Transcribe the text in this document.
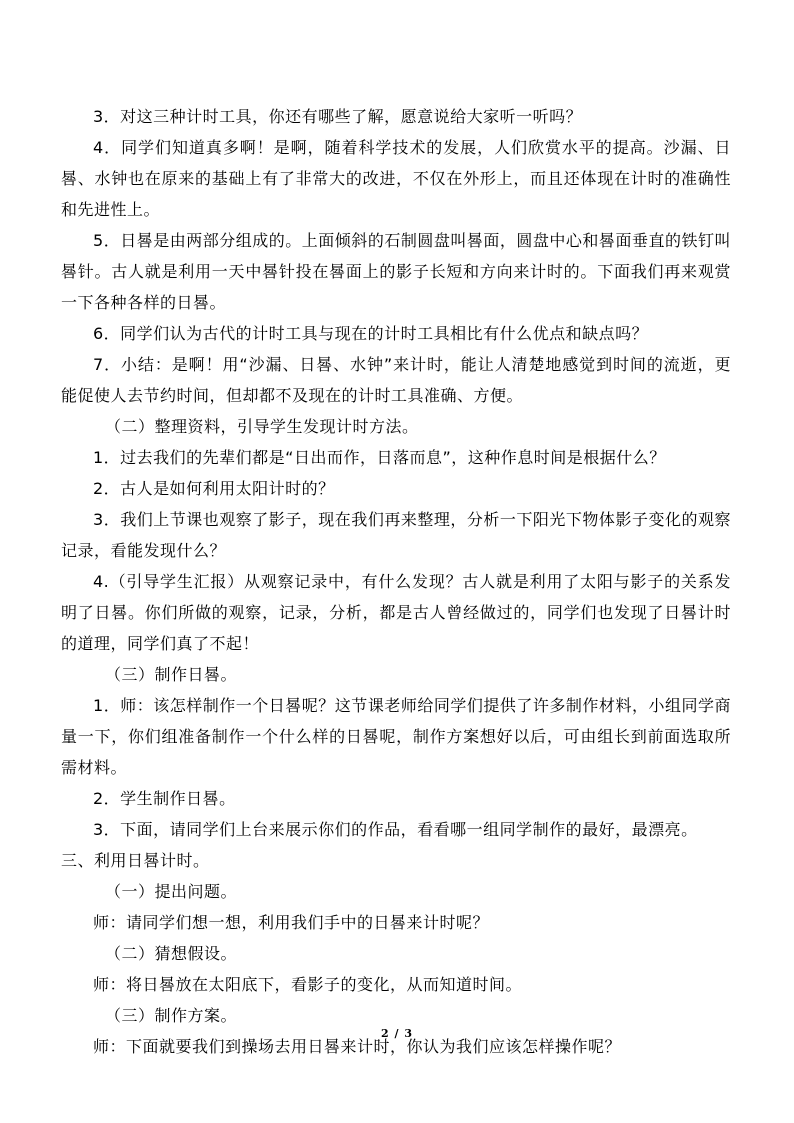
3．对这三种计时工具，你还有哪些了解，愿意说给大家听一听吗？

4．同学们知道真多啊！是啊，随着科学技术的发展，人们欣赏水平的提高。沙漏、日晷、水钟也在原来的基础上有了非常大的改进，不仅在外形上，而且还体现在计时的准确性和先进性上。

5．日晷是由两部分组成的。上面倾斜的石制圆盘叫晷面，圆盘中心和晷面垂直的铁钉叫晷针。古人就是利用一天中晷针投在晷面上的影子长短和方向来计时的。下面我们再来观赏一下各种各样的日晷。

6．同学们认为古代的计时工具与现在的计时工具相比有什么优点和缺点吗？

7．小结：是啊！用“沙漏、日晷、水钟”来计时，能让人清楚地感觉到时间的流逝，更能促使人去节约时间，但却都不及现在的计时工具准确、方便。

（二）整理资料，引导学生发现计时方法。

1．过去我们的先辈们都是“日出而作，日落而息”，这种作息时间是根据什么？

2．古人是如何利用太阳计时的？

3．我们上节课也观察了影子，现在我们再来整理，分析一下阳光下物体影子变化的观察记录，看能发现什么？

4.（引导学生汇报）从观察记录中，有什么发现？古人就是利用了太阳与影子的关系发明了日晷。你们所做的观察，记录，分析，都是古人曾经做过的，同学们也发现了日晷计时的道理，同学们真了不起！

（三）制作日晷。

1．师：该怎样制作一个日晷呢？这节课老师给同学们提供了许多制作材料，小组同学商量一下，你们组准备制作一个什么样的日晷呢，制作方案想好以后，可由组长到前面选取所需材料。

2．学生制作日晷。

3．下面，请同学们上台来展示你们的作品，看看哪一组同学制作的最好，最漂亮。

三、利用日晷计时。

（一）提出问题。

师：请同学们想一想，利用我们手中的日晷来计时呢？

（二）猜想假设。

师：将日晷放在太阳底下，看影子的变化，从而知道时间。

（三）制作方案。

师：下面就要我们到操场去用日晷来计时，你认为我们应该怎样操作呢？

2 / 3
